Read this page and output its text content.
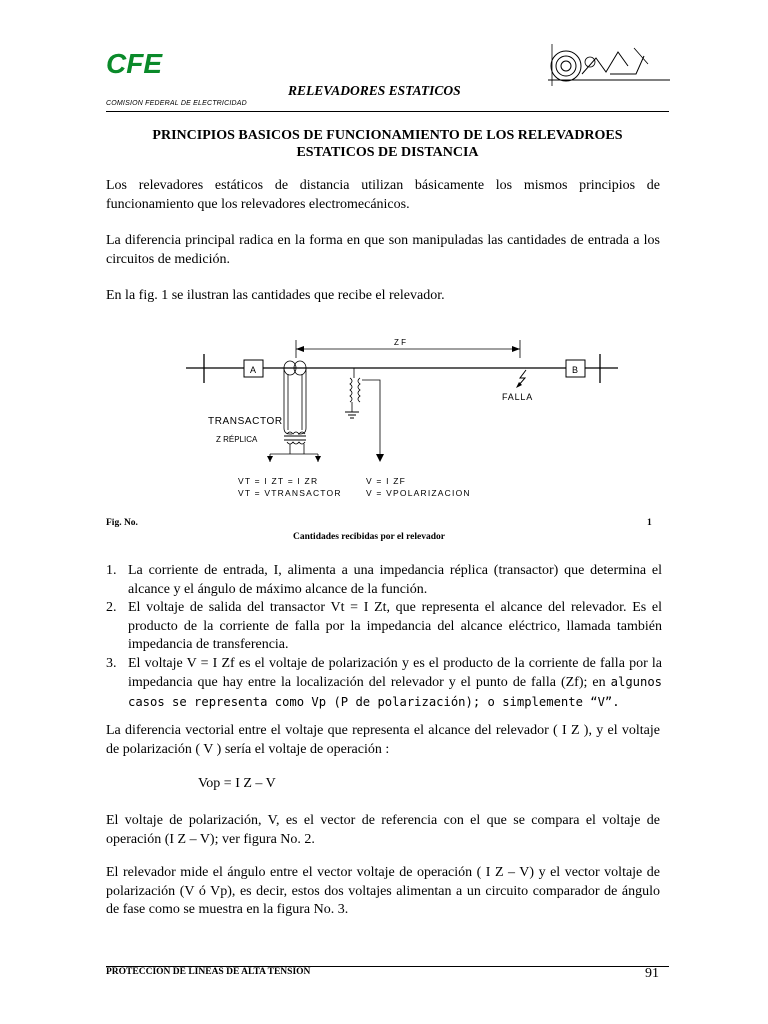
CFE
COMISION FEDERAL DE ELECTRICIDAD
RELEVADORES ESTATICOS
PRINCIPIOS BASICOS DE FUNCIONAMIENTO DE LOS RELEVADROES
ESTATICOS DE DISTANCIA
Los relevadores estáticos de distancia utilizan básicamente los mismos principios de funcionamiento que los relevadores electromecánicos.
La diferencia principal radica en la forma en que son manipuladas las cantidades de entrada a los circuitos de medición.
En la fig. 1 se ilustran las cantidades que recibe el relevador.
A	B
Z F
TRANSACTOR
Z RÉPLICA
FALLA
VT = I ZT = I ZR
VT = VTRANSACTOR
V = I ZF
V = VPOLARIZACION
Fig. No.	1
Cantidades recibidas por el relevador
1. La corriente de entrada, I, alimenta a una impedancia réplica (transactor) que determina el alcance y el ángulo de máximo alcance de la función.
2. El voltaje de salida del transactor Vt = I Zt, que representa el alcance del relevador. Es el producto de la corriente de falla por la impedancia del alcance eléctrico, llamada también impedancia de transferencia.
3. El voltaje V = I Zf es el voltaje de polarización y es el producto de la corriente de falla por la impedancia que hay entre la localización del relevador y el punto de falla (Zf); en algunos casos se representa como Vp (P de polarización); o simplemente “V”.
La diferencia vectorial entre el voltaje que representa el alcance del relevador ( I Z ), y el voltaje de polarización ( V ) sería el voltaje de operación :
Vop = I Z – V
El voltaje de polarización, V, es el vector de referencia con el que se compara el voltaje de operación (I Z – V); ver figura No. 2.
El relevador mide el ángulo entre el vector voltaje de operación ( I Z – V) y el vector voltaje de polarización (V ó Vp), es decir, estos dos voltajes alimentan a un circuito comparador de ángulo de fase como se muestra en la figura No. 3.
PROTECCION DE LINEAS DE ALTA TENSION	91
